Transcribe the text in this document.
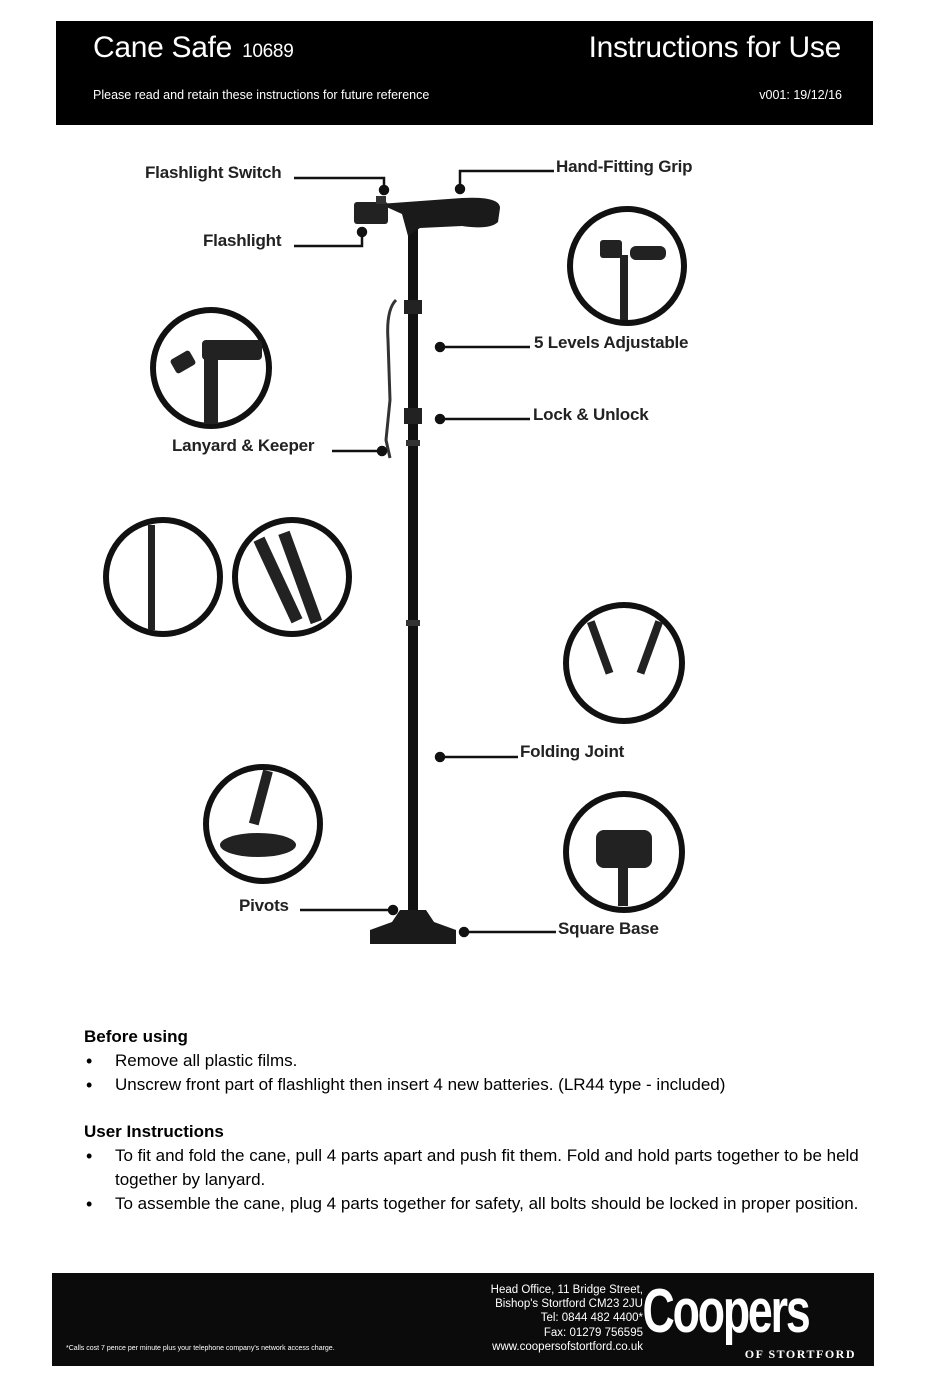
Cane Safe 10689	Instructions for Use
Please read and retain these instructions for future reference	v001: 19/12/16
Flashlight Switch
Flashlight
Hand-Fitting Grip
5 Levels Adjustable
Lock & Unlock
Lanyard & Keeper
Folding Joint
Pivots
Square Base
Before using
• Remove all plastic films.
• Unscrew front part of flashlight then insert 4 new batteries. (LR44 type - included)
User Instructions
• To fit and fold the cane, pull 4 parts apart and push fit them. Fold and hold parts together to be held together by lanyard.
• To assemble the cane, plug 4 parts together for safety, all bolts should be locked in proper position.
*Calls cost 7 pence per minute plus your telephone company's network access charge.
Head Office, 11 Bridge Street,
Bishop's Stortford CM23 2JU
Tel: 0844 482 4400*
Fax: 01279 756595
www.coopersofstortford.co.uk
Coopers
OF STORTFORD
